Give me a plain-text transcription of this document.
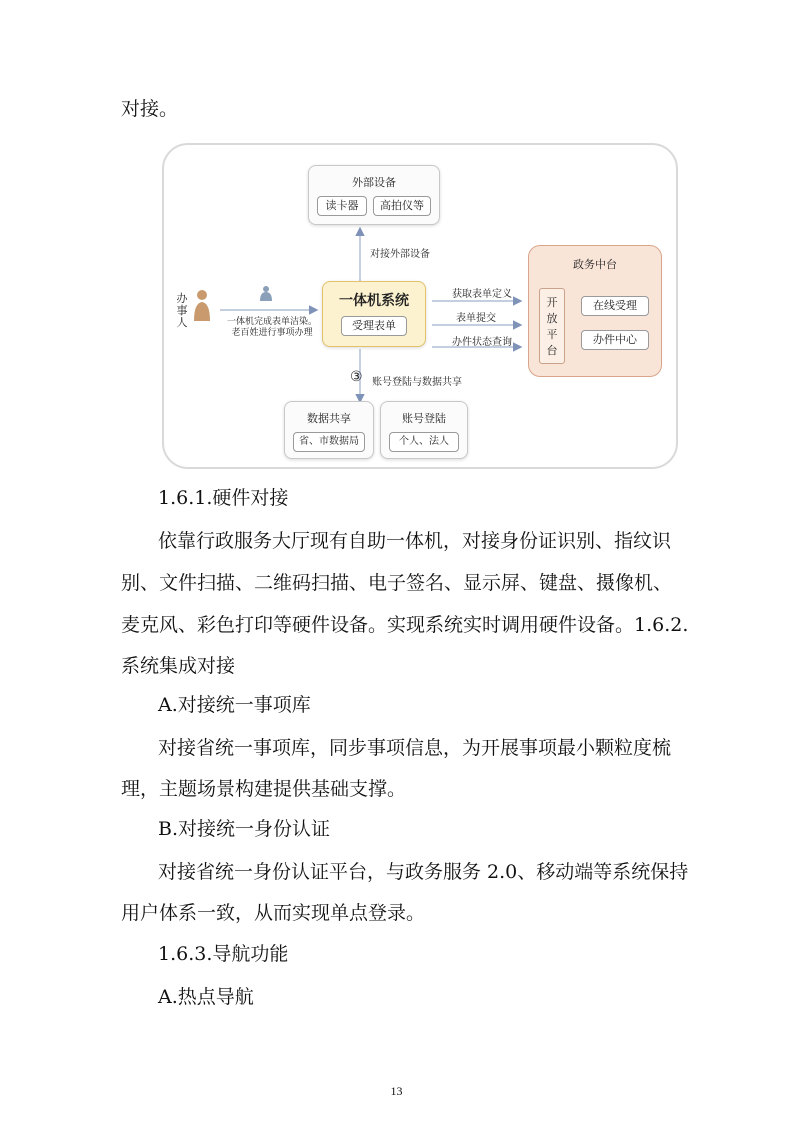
对接。
外部设备
读卡器	高拍仪等
对接外部设备
办事人	一体机完成表单洁染。
老百姓进行事项办理
一体机系统
受理表单
获取表单定义
表单提交
办件状态查询
政务中台
开放平台
在线受理
办件中心
③ 账号登陆与数据共享
数据共享
省、市数据局
账号登陆
个人、法人
1.6.1.硬件对接
依靠行政服务大厅现有自助一体机，对接身份证识别、指纹识
别、文件扫描、二维码扫描、电子签名、显示屏、键盘、摄像机、
麦克风、彩色打印等硬件设备。实现系统实时调用硬件设备。1.6.2.
系统集成对接
A.对接统一事项库
对接省统一事项库，同步事项信息，为开展事项最小颗粒度梳
理，主题场景构建提供基础支撑。
B.对接统一身份认证
对接省统一身份认证平台，与政务服务 2.0、移动端等系统保持
用户体系一致，从而实现单点登录。
1.6.3.导航功能
A.热点导航
13
